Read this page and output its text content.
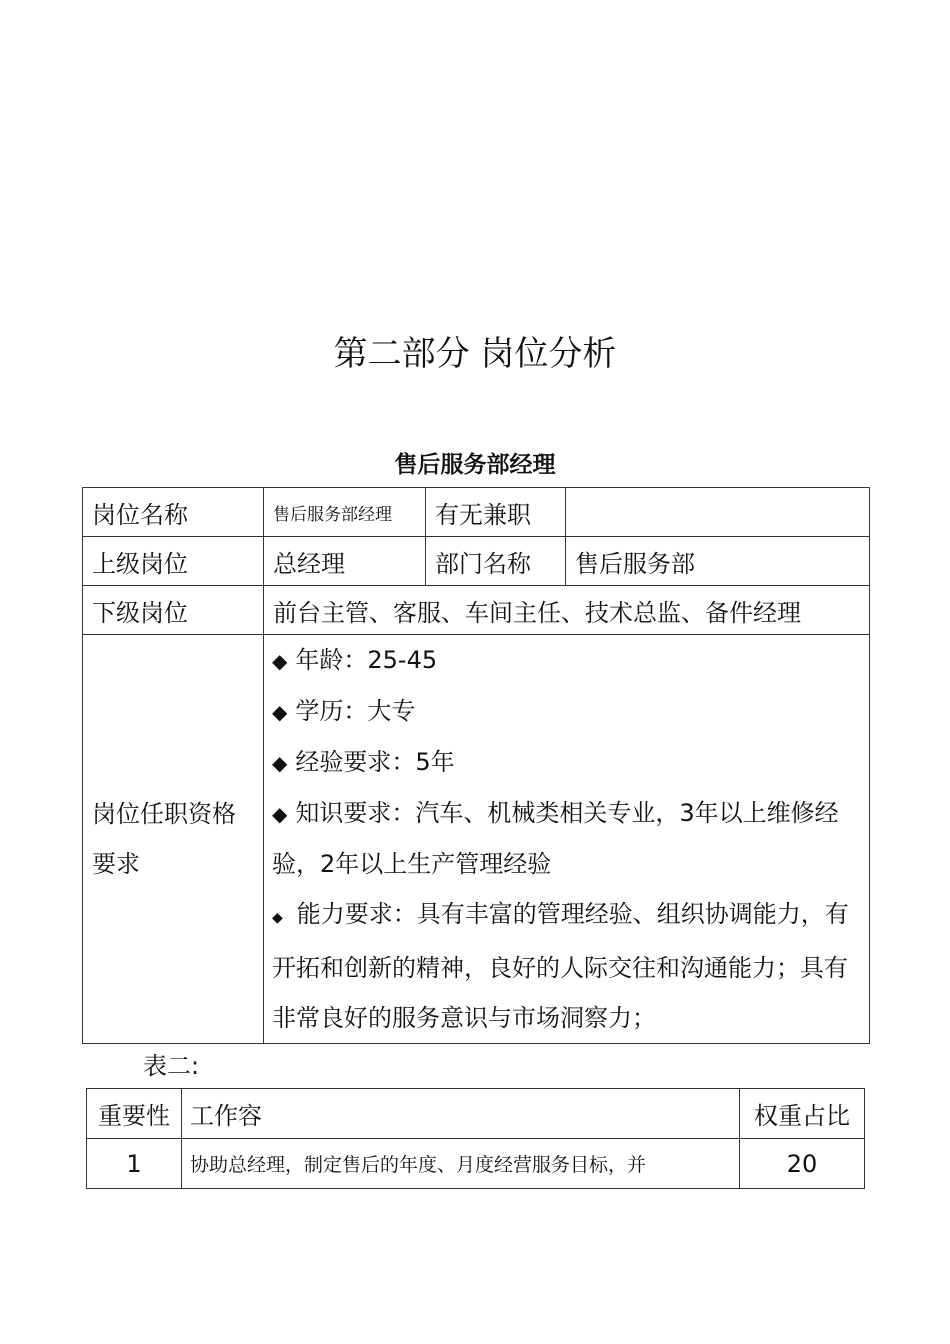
第二部分 岗位分析
售后服务部经理
岗位名称	售后服务部经理	有无兼职	
上级岗位	总经理	部门名称	售后服务部
下级岗位	前台主管、客服、车间主任、技术总监、备件经理		
岗位任职资格要求	◆ 年龄：25-45
◆ 学历：大专
◆ 经验要求：5年
◆ 知识要求：汽车、机械类相关专业，3年以上维修经验，2年以上生产管理经验
◆ 能力要求：具有丰富的管理经验、组织协调能力，有开拓和创新的精神，良好的人际交往和沟通能力；具有非常良好的服务意识与市场洞察力；		
表二:
重要性	工作容	权重占比
1	协助总经理，制定售后的年度、月度经营服务目标，并	20
